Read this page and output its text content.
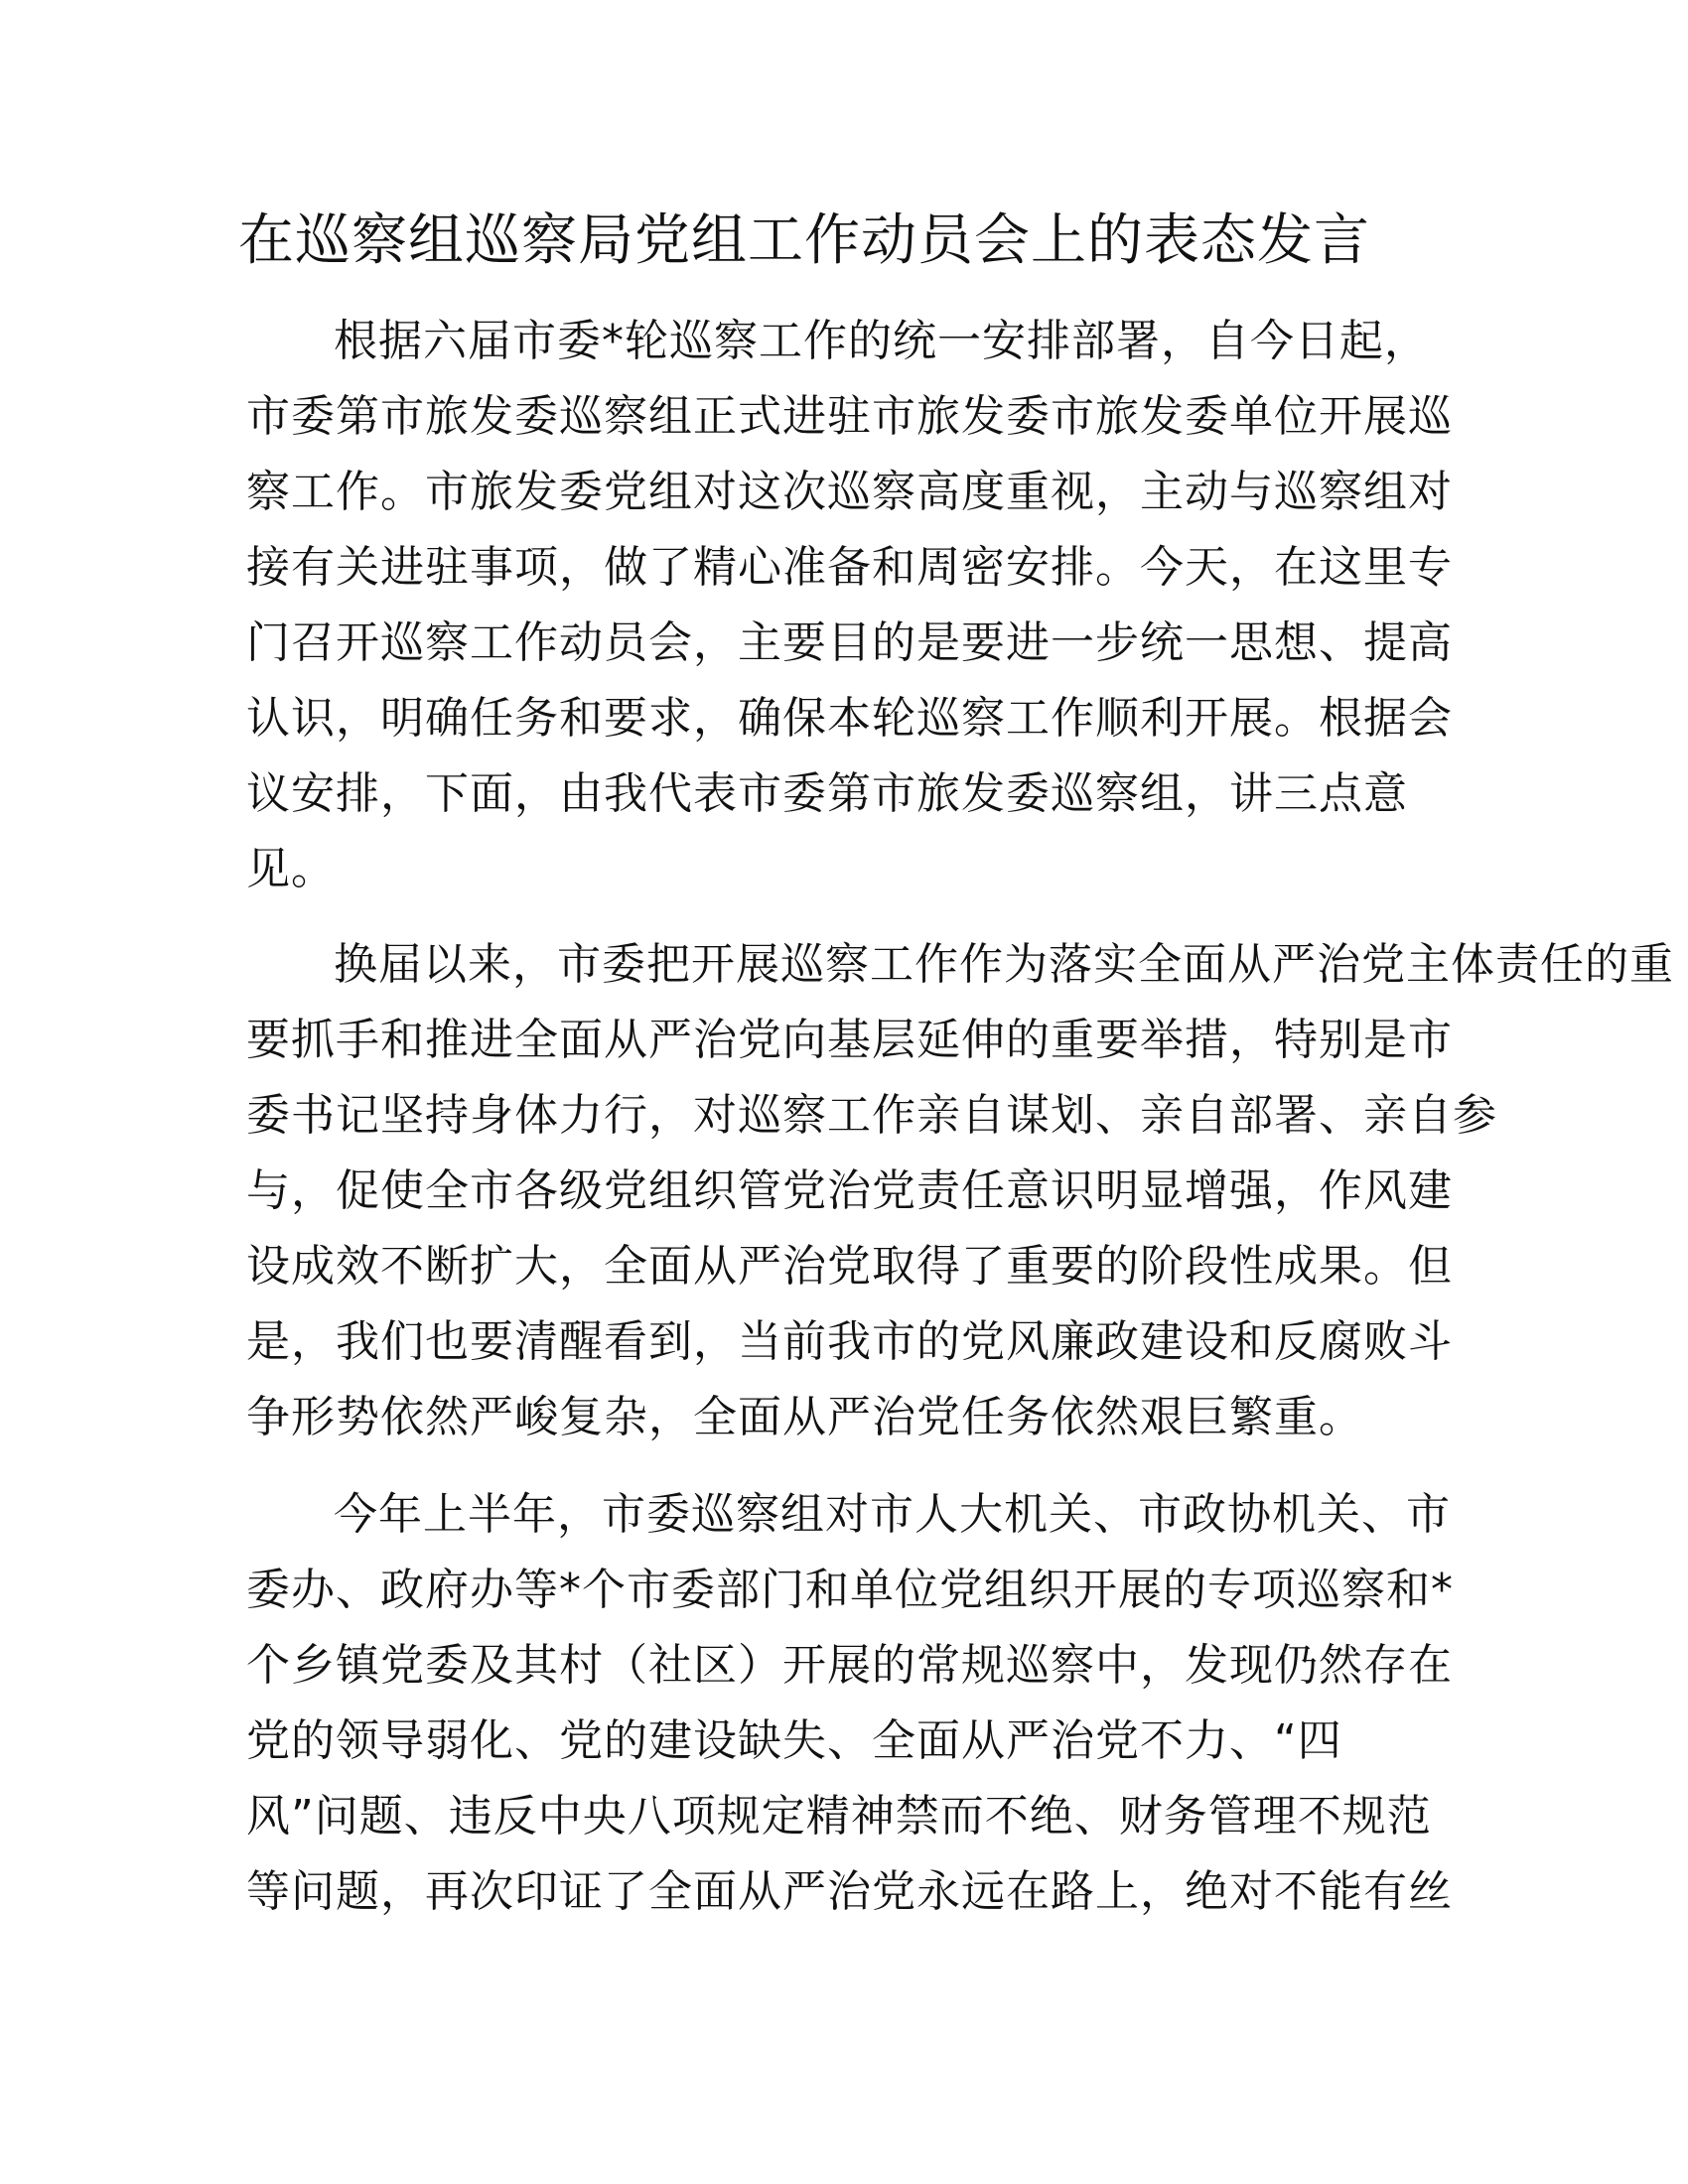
在巡察组巡察局党组工作动员会上的表态发言
根据六届市委*轮巡察工作的统一安排部署，自今日起，
市委第市旅发委巡察组正式进驻市旅发委市旅发委单位开展巡
察工作。市旅发委党组对这次巡察高度重视，主动与巡察组对
接有关进驻事项，做了精心准备和周密安排。今天，在这里专
门召开巡察工作动员会，主要目的是要进一步统一思想、提高
认识，明确任务和要求，确保本轮巡察工作顺利开展。根据会
议安排，下面，由我代表市委第市旅发委巡察组，讲三点意
见。
换届以来，市委把开展巡察工作作为落实全面从严治党主体责任的重
要抓手和推进全面从严治党向基层延伸的重要举措，特别是市
委书记坚持身体力行，对巡察工作亲自谋划、亲自部署、亲自参
与，促使全市各级党组织管党治党责任意识明显增强，作风建
设成效不断扩大，全面从严治党取得了重要的阶段性成果。但
是，我们也要清醒看到，当前我市的党风廉政建设和反腐败斗
争形势依然严峻复杂，全面从严治党任务依然艰巨繁重。
今年上半年，市委巡察组对市人大机关、市政协机关、市
委办、政府办等*个市委部门和单位党组织开展的专项巡察和*
个乡镇党委及其村（社区）开展的常规巡察中，发现仍然存在
党的领导弱化、党的建设缺失、全面从严治党不力、“四
风”问题、违反中央八项规定精神禁而不绝、财务管理不规范
等问题，再次印证了全面从严治党永远在路上，绝对不能有丝
